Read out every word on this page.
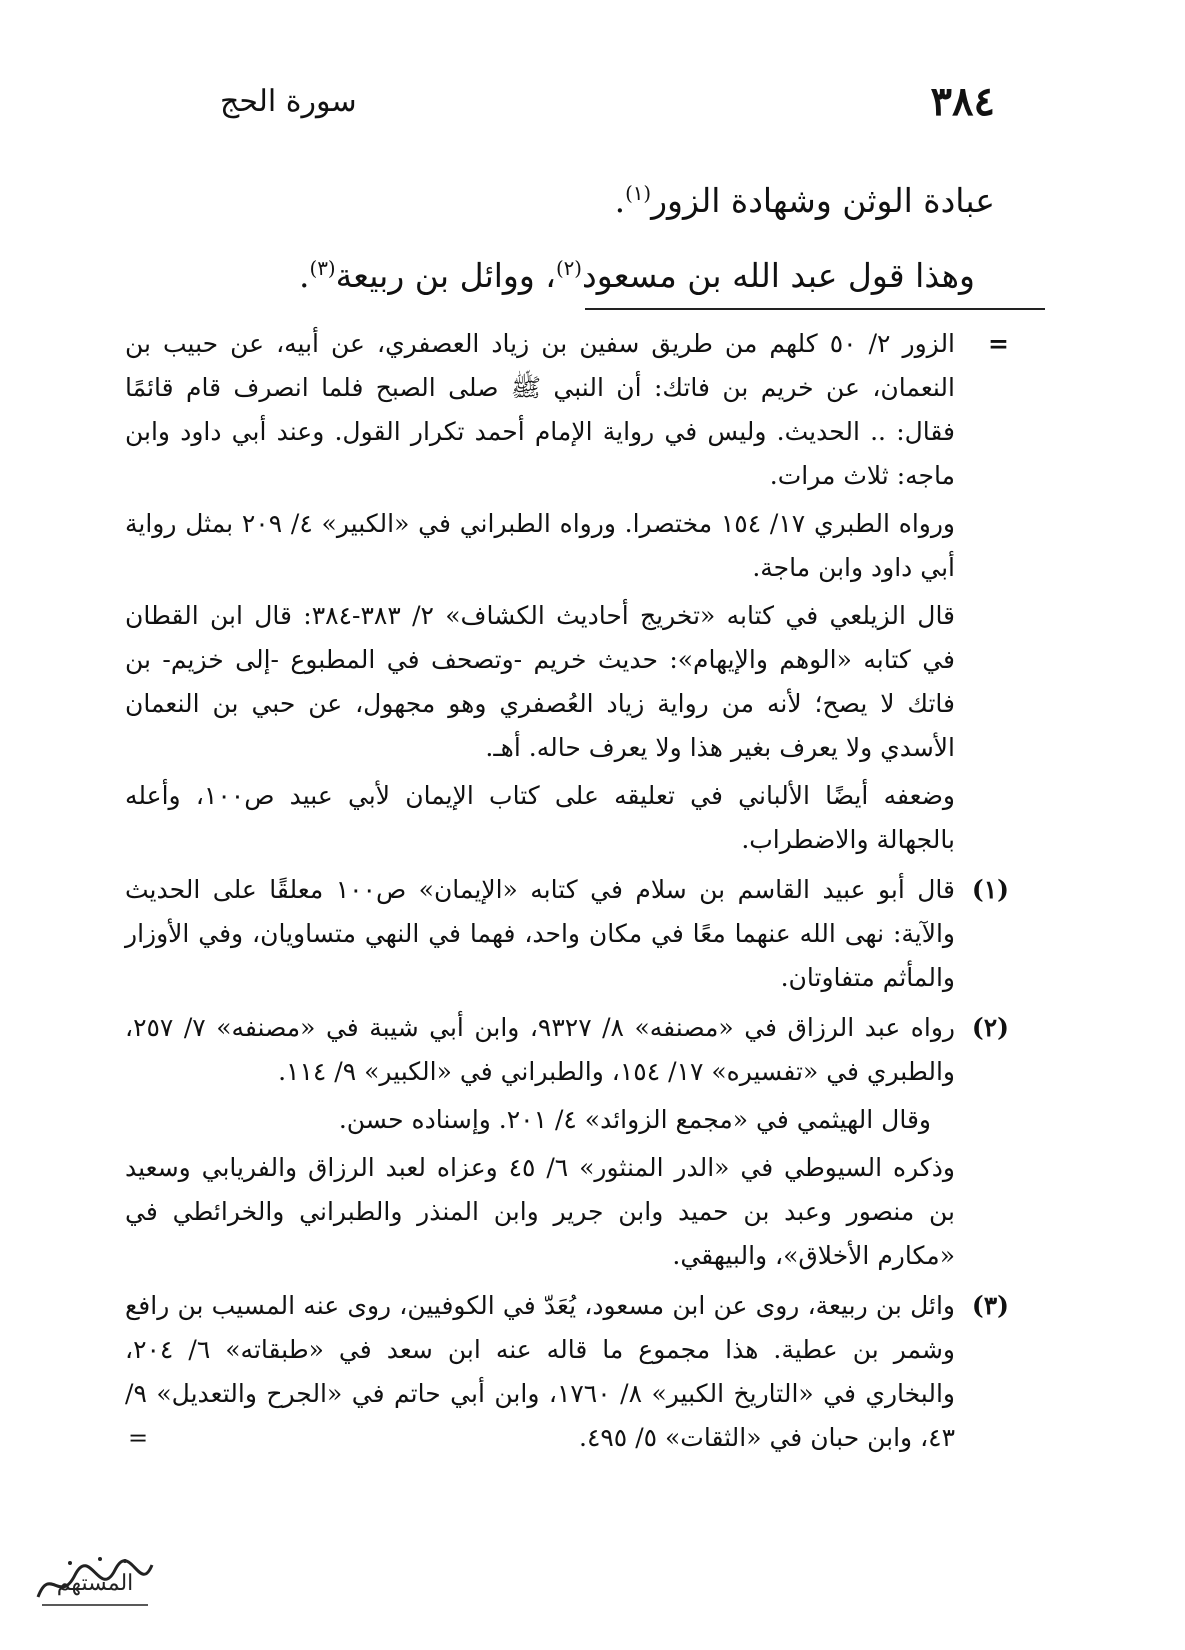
٣٨٤
سورة الحج

عبادة الوثن وشهادة الزور$^{(١)}$.

وهذا قول عبد الله بن مسعود$^{(٢)}$، ووائل بن ربيعة$^{(٣)}$.

=

الزور ٢/ ٥٠ كلهم من طريق سفين بن زياد العصفري، عن أبيه، عن حبيب بن النعمان، عن خريم بن فاتك: أن النبي ﷺ صلى الصبح فلما انصرف قام قائمًا فقال: .. الحديث. وليس في رواية الإمام أحمد تكرار القول. وعند أبي داود وابن ماجه: ثلاث مرات.

ورواه الطبري ١٧/ ١٥٤ مختصرا. ورواه الطبراني في «الكبير» ٤/ ٢٠٩ بمثل رواية أبي داود وابن ماجة.

قال الزيلعي في كتابه «تخريج أحاديث الكشاف» ٢/ ٣٨٣-٣٨٤: قال ابن القطان في كتابه «الوهم والإيهام»: حديث خريم -وتصحف في المطبوع -إلى خزيم- بن فاتك لا يصح؛ لأنه من رواية زياد العُصفري وهو مجهول، عن حبي بن النعمان الأسدي ولا يعرف بغير هذا ولا يعرف حاله. أهـ.

وضعفه أيضًا الألباني في تعليقه على كتاب الإيمان لأبي عبيد ص١٠٠، وأعله بالجهالة والاضطراب.

(١)

قال أبو عبيد القاسم بن سلام في كتابه «الإيمان» ص١٠٠ معلقًا على الحديث والآية: نهى الله عنهما معًا في مكان واحد، فهما في النهي متساويان، وفي الأوزار والمأثم متفاوتان.

(٢)

رواه عبد الرزاق في «مصنفه» ٨/ ٩٣٢٧، وابن أبي شيبة في «مصنفه» ٧/ ٢٥٧، والطبري في «تفسيره» ١٧/ ١٥٤، والطبراني في «الكبير» ٩/ ١١٤.

وقال الهيثمي في «مجمع الزوائد» ٤/ ٢٠١. وإسناده حسن.

وذكره السيوطي في «الدر المنثور» ٦/ ٤٥ وعزاه لعبد الرزاق والفريابي وسعيد بن منصور وعبد بن حميد وابن جرير وابن المنذر والطبراني والخرائطي في «مكارم الأخلاق»، والبيهقي.

(٣)

وائل بن ربيعة، روى عن ابن مسعود، يُعَدّ في الكوفيين، روى عنه المسيب بن رافع وشمر بن عطية. هذا مجموع ما قاله عنه ابن سعد في «طبقاته» ٦/ ٢٠٤، والبخاري في «التاريخ الكبير» ٨/ ١٧٦٠، وابن أبي حاتم في «الجرح والتعديل» ٩/ ٤٣، وابن حبان في «الثقات» ٥/ ٤٩٥.

=
المستهم
